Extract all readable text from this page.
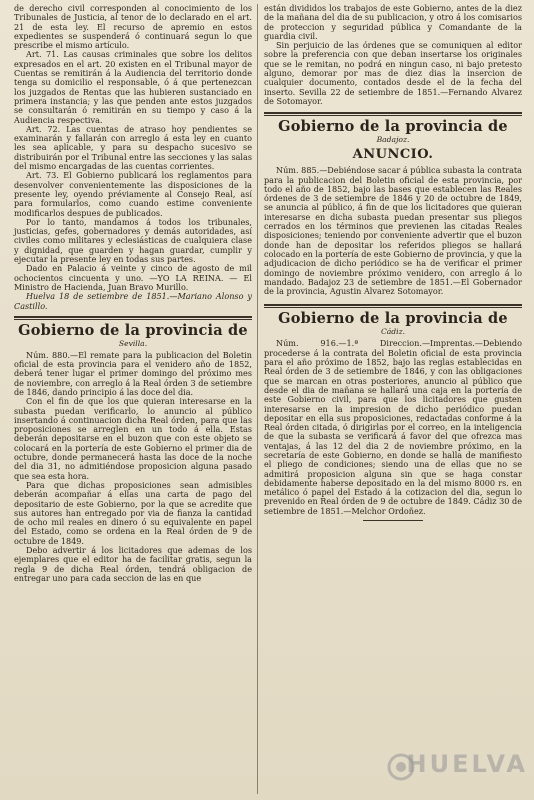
de derecho civil corresponden al conocimiento de los Tribunales de Justicia, al tenor de lo declarado en el art. 21 de esta ley. El recurso de apremio en estos expedientes se suspenderá ó continuará segun lo que prescribe el mismo artículo.

Art. 71. Las causas criminales que sobre los delitos expresados en el art. 20 existen en el Tribunal mayor de Cuentas se remitirán á la Audiencia del territorio donde tenga su domicilio el responsable, ó á que pertenezcan los juzgados de Rentas que las hubieren sustanciado en primera instancia; y las que penden ante estos juzgados se consultarán ó remitirán en su tiempo y caso á la Audiencia respectiva.

Art. 72. Las cuentas de atraso hoy pendientes se examinarán y fallarán con arreglo á esta ley en cuanto les sea aplicable, y para su despacho sucesivo se distribuirán por el Tribunal entre las secciones y las salas del mismo encargadas de las cuentas corrientes.

Art. 73. El Gobierno publicará los reglamentos para desenvolver convenientemente las disposiciones de la presente ley, oyendo préviamente al Consejo Real, así para formularlos, como cuando estime conveniente modificarlos despues de publicados.

Por lo tanto, mandamos á todos los tribunales, justicias, gefes, gobernadores y demás autoridades, así civiles como militares y eclesiásticas de cualquiera clase y dignidad, que guarden y hagan guardar, cumplir y ejecutar la presente ley en todas sus partes.

Dado en Palacio á veinte y cinco de agosto de mil ochocientos cincuenta y uno. —YO LA REINA. — El Ministro de Hacienda, Juan Bravo Murillo.

Huelva 18 de setiembre de 1851.—Mariano Alonso y Castillo.

Gobierno de la provincia de
Sevilla.

Núm. 880.—El remate para la publicacion del Boletin oficial de esta provincia para el venidero año de 1852, deberá tener lugar el primer domingo del próximo mes de noviembre, con arreglo á la Real órden 3 de setiembre de 1846, dando principio á las doce del dia.

Con el fin de que los que quieran interesarse en la subasta puedan verificarlo, lo anuncio al público insertando á continuacion dicha Real órden, para que las proposiciones se arreglen en un todo á ella. Estas deberán depositarse en el buzon que con este objeto se colocará en la portería de este Gobierno el primer dia de octubre, donde permanecerá hasta las doce de la noche del dia 31, no admitiéndose proposicion alguna pasado que sea esta hora.

Para que dichas proposiciones sean admisibles deberán acompañar á ellas una carta de pago del depositario de este Gobierno, por la que se acredite que sus autores han entregado por via de fianza la cantidad de ocho mil reales en dinero ó su equivalente en papel del Estado, como se ordena en la Real órden de 9 de octubre de 1849.

Debo advertir á los licitadores que ademas de los ejemplares que el editor ha de facilitar gratis, segun la regla 9 de dicha Real órden, tendrá obligacion de entregar uno para cada seccion de las en que

están divididos los trabajos de este Gobierno, antes de la diez de la mañana del dia de su publicacion, y otro á los comisarios de proteccion y seguridad pública y Comandante de la guardia civil.

Sin perjuicio de las órdenes que se comuniquen al editor sobre la preferencia con que deban insertarse los originales que se le remitan, no podrá en ningun caso, ni bajo pretesto alguno, demorar por mas de diez dias la insercion de cualquier documento, contados desde el de la fecha del inserto. Sevilla 22 de setiembre de 1851.—Fernando Alvarez de Sotomayor.

Gobierno de la provincia de
Badajoz.
ANUNCIO.

Núm. 885.—Debiéndose sacar á pública subasta la contrata para la publicacion del Boletin oficial de esta provincia, por todo el año de 1852, bajo las bases que establecen las Reales órdenes de 3 de setiembre de 1846 y 20 de octubre de 1849, se anuncia al público, á fin de que los licitadores que quieran interesarse en dicha subasta puedan presentar sus pliegos cerrados en los términos que previenen las citadas Reales disposiciones; teniendo por conveniente advertir que el buzon donde han de depositar los referidos pliegos se hallará colocado en la portería de este Gobierno de provincia, y que la adjudicacion de dicho periódico se ha de verificar el primer domingo de noviembre próximo venidero, con arreglo á lo mandado. Badajoz 23 de setiembre de 1851.—El Gobernador de la provincia, Agustin Alvarez Sotomayor.

Gobierno de la provincia de
Cádiz.

Núm. 916.—1.ª Direccion.—Imprentas.—Debiendo procederse á la contrata del Boletin oficial de esta provincia para el año próximo de 1852, bajo las reglas establecidas en Real órden de 3 de setiembre de 1846, y con las obligaciones que se marcan en otras posteriores, anuncio al público que desde el dia de mañana se hallará una caja en la portería de este Gobierno civil, para que los licitadores que gusten interesarse en la impresion de dicho periódico puedan depositar en ella sus proposiciones, redactadas conforme á la Real órden citada, ó dirigirlas por el correo, en la inteligencia de que la subasta se verificará á favor del que ofrezca mas ventajas, á las 12 del dia 2 de noviembre próximo, en la secretaría de este Gobierno, en donde se halla de manifiesto el pliego de condiciones; siendo una de ellas que no se admitirá proposicion alguna sin que se haga constar debidamente haberse depositado en la del mismo 8000 rs. en metálico ó papel del Estado á la cotizacion del dia, segun lo prevenido en Real órden de 9 de octubre de 1849. Cádiz 30 de setiembre de 1851.—Melchor Ordoñez.

HUELVA
